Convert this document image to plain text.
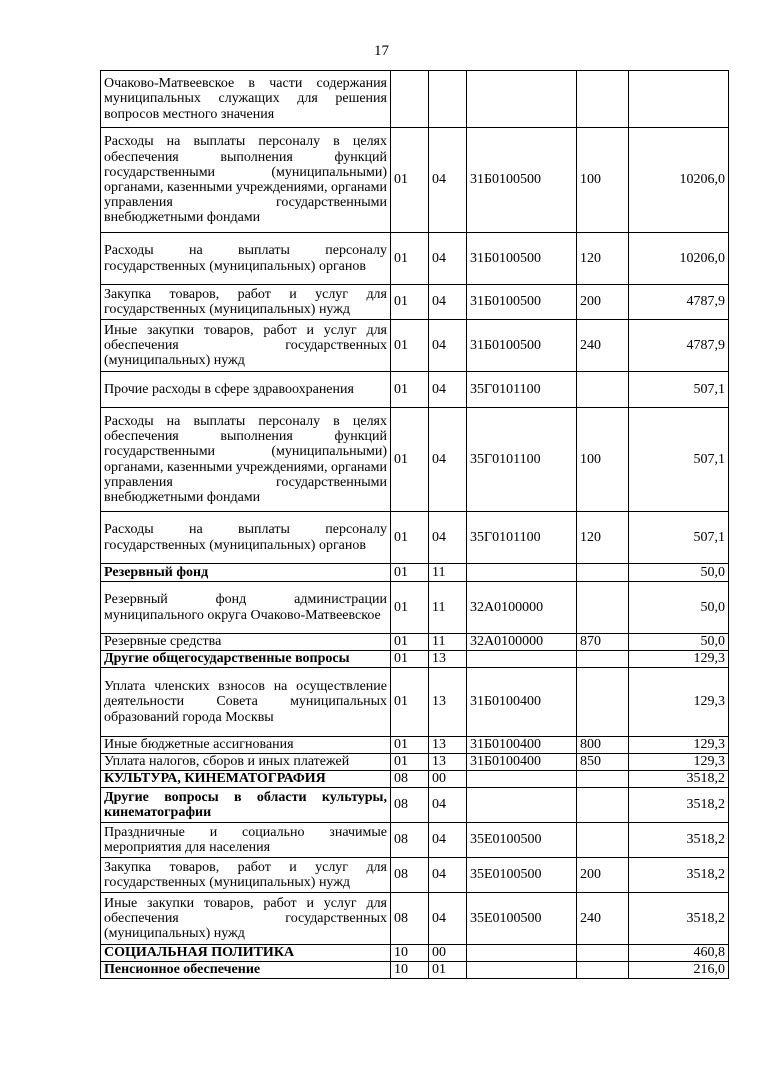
17
Очаково-Матвеевское в части содержания муниципальных служащих для решения вопросов местного значения					
Расходы на выплаты персоналу в целях обеспечения выполнения функций государственными (муниципальными) органами, казенными учреждениями, органами управления государственными внебюджетными фондами	01	04	31Б0100500	100	10206,0
Расходы на выплаты персоналу государственных (муниципальных) органов	01	04	31Б0100500	120	10206,0
Закупка товаров, работ и услуг для государственных (муниципальных) нужд	01	04	31Б0100500	200	4787,9
Иные закупки товаров, работ и услуг для обеспечения государственных (муниципальных) нужд	01	04	31Б0100500	240	4787,9
Прочие расходы в сфере здравоохранения	01	04	35Г0101100		507,1
Расходы на выплаты персоналу в целях обеспечения выполнения функций государственными (муниципальными) органами, казенными учреждениями, органами управления государственными внебюджетными фондами	01	04	35Г0101100	100	507,1
Расходы на выплаты персоналу государственных (муниципальных) органов	01	04	35Г0101100	120	507,1
Резервный фонд	01	11			50,0
Резервный фонд администрации муниципального округа Очаково-Матвеевское	01	11	32А0100000		50,0
Резервные средства	01	11	32А0100000	870	50,0
Другие общегосударственные вопросы	01	13			129,3
Уплата членских взносов на осуществление деятельности Совета муниципальных образований города Москвы	01	13	31Б0100400		129,3
Иные бюджетные ассигнования	01	13	31Б0100400	800	129,3
Уплата налогов, сборов и иных платежей	01	13	31Б0100400	850	129,3
КУЛЬТУРА, КИНЕМАТОГРАФИЯ	08	00			3518,2
Другие вопросы в области культуры, кинематографии	08	04			3518,2
Праздничные и социально значимые мероприятия для населения	08	04	35Е0100500		3518,2
Закупка товаров, работ и услуг для государственных (муниципальных) нужд	08	04	35Е0100500	200	3518,2
Иные закупки товаров, работ и услуг для обеспечения государственных (муниципальных) нужд	08	04	35Е0100500	240	3518,2
СОЦИАЛЬНАЯ ПОЛИТИКА	10	00			460,8
Пенсионное обеспечение	10	01			216,0
